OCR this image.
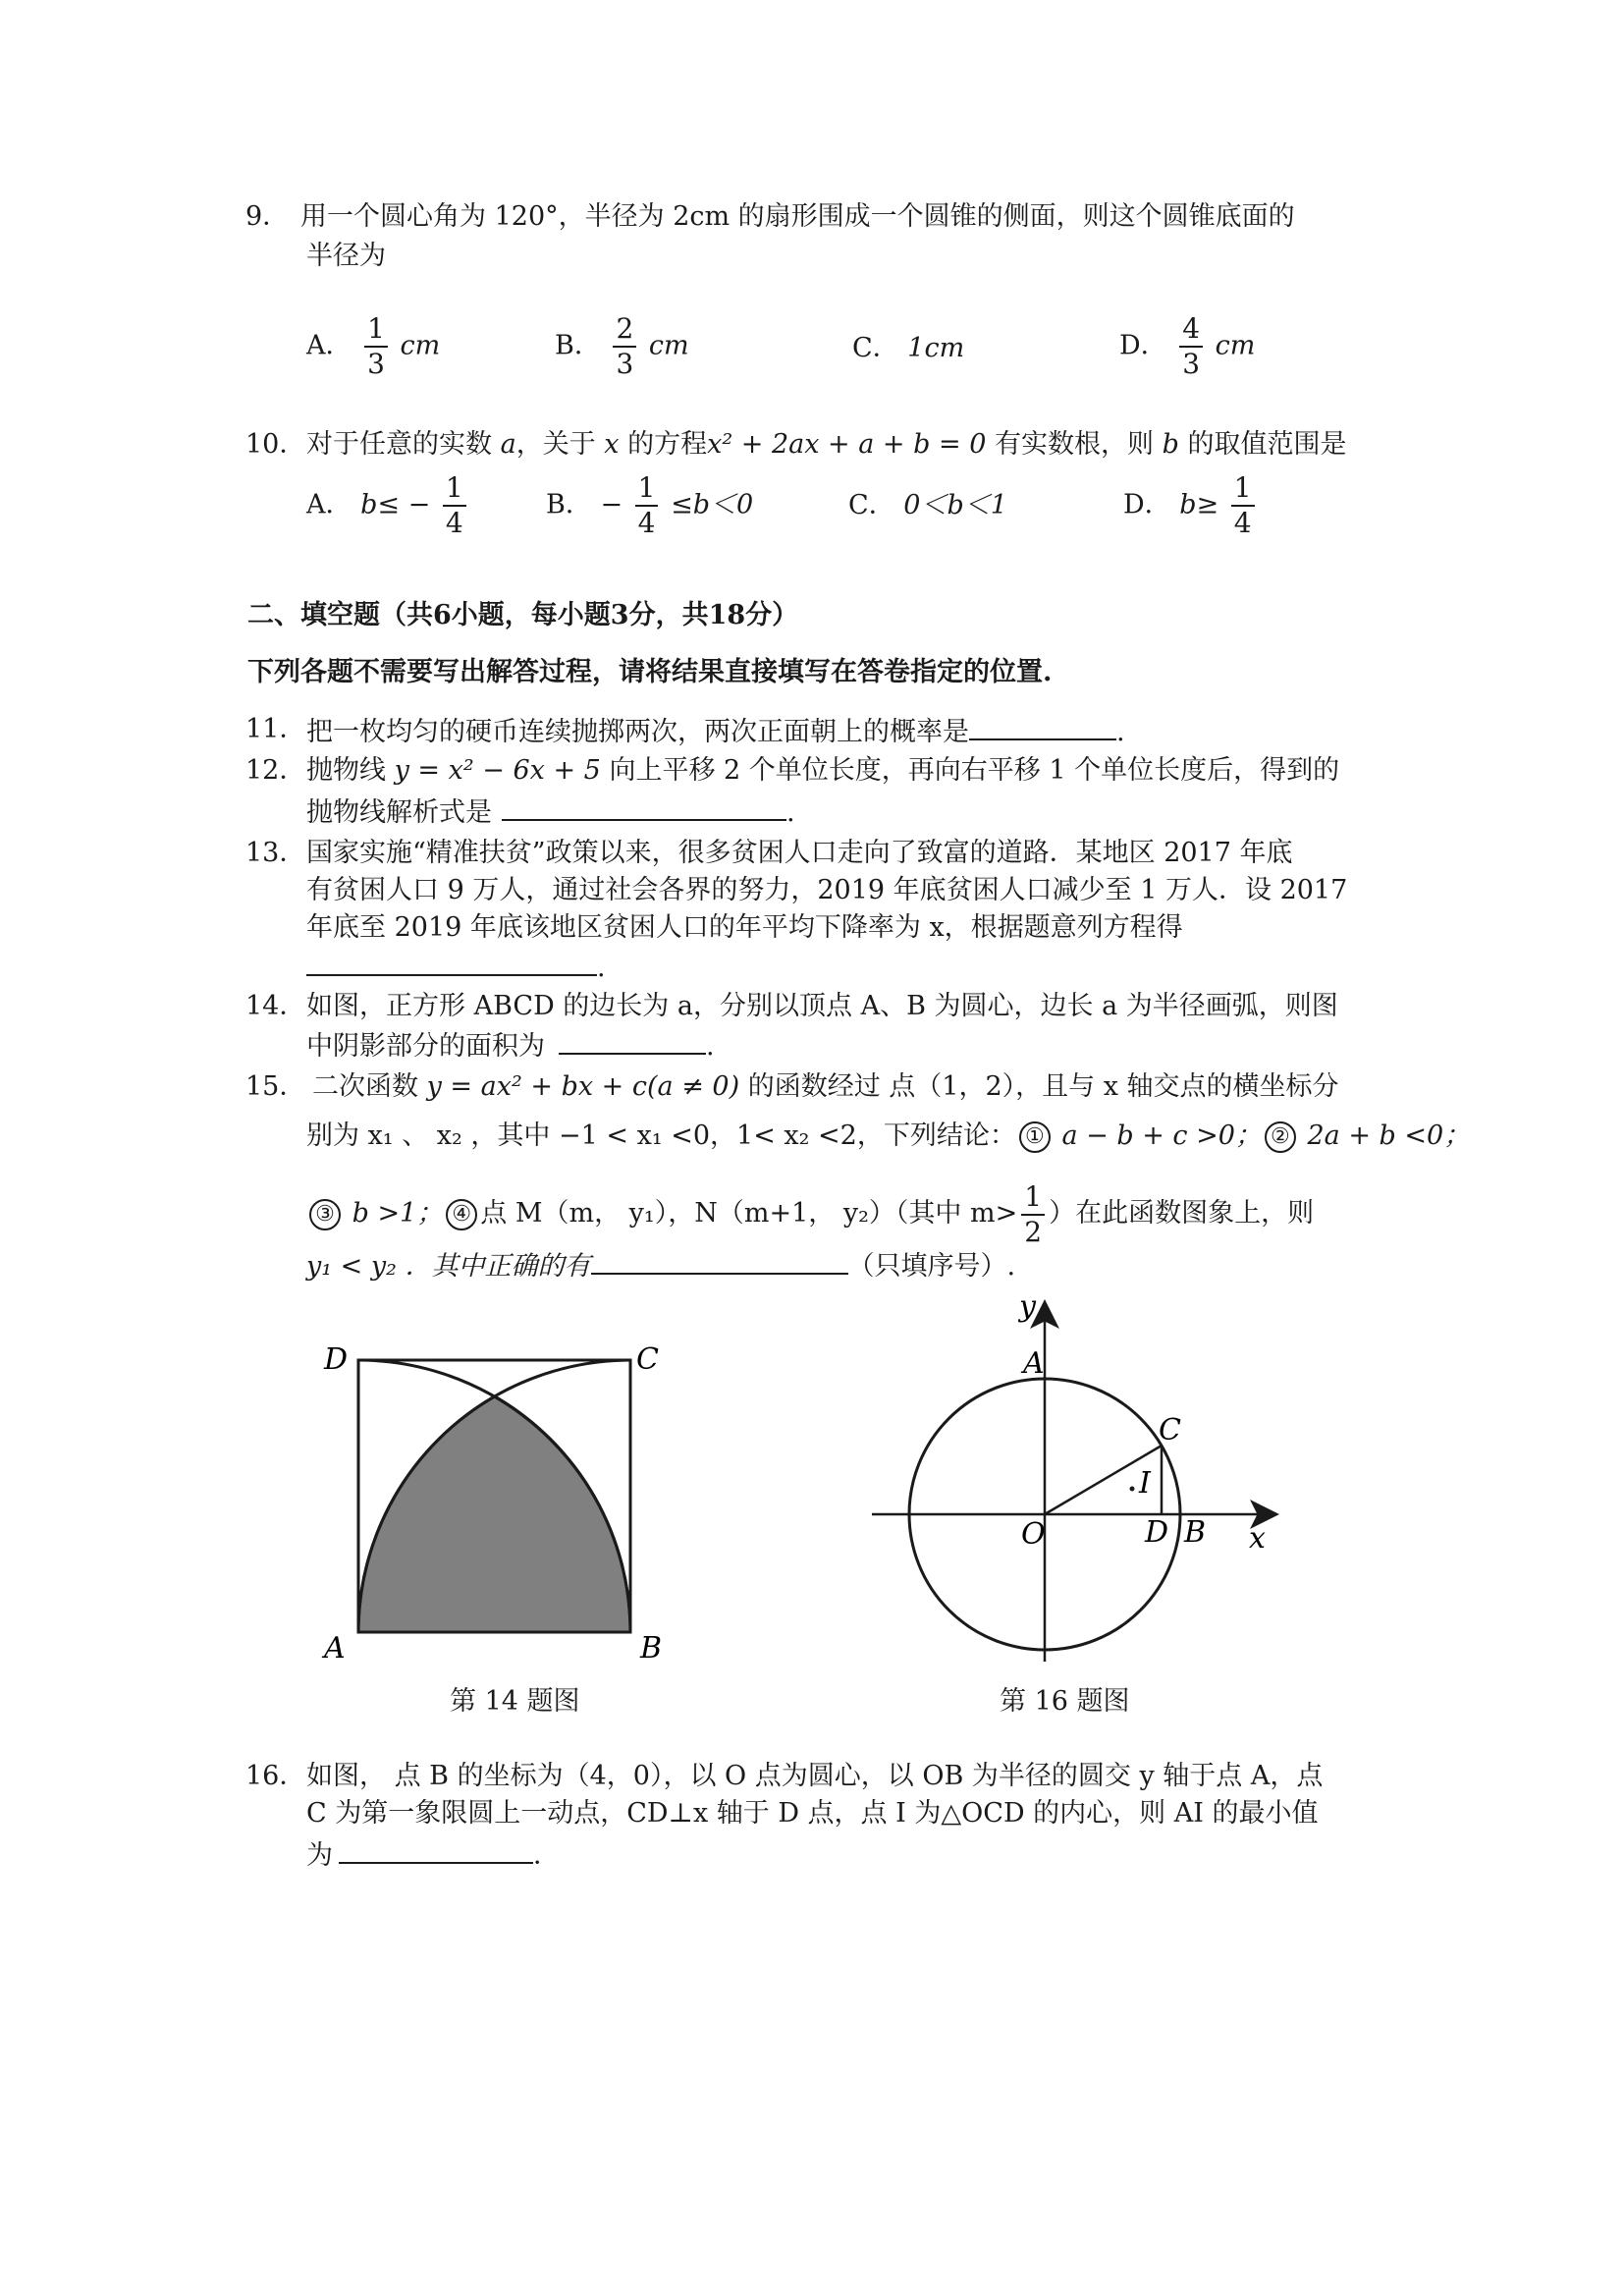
9． 用一个圆心角为 120°，半径为 2cm 的扇形围成一个圆锥的侧面，则这个圆锥底面的
半径为
A． $\frac{1}{3}$ cm	B． $\frac{2}{3}$ cm	C． 1cm	D． $\frac{4}{3}$ cm
10． 对于任意的实数 a，关于 x 的方程x² + 2ax + a + b = 0 有实数根，则 b 的取值范围是
A． $b\le - \frac{1}{4}$	B． − $\frac{1}{4} \le b<0$	C． 0＜b＜1	D． $b\ge \frac{1}{4}$
二、填空题（共6小题，每小题3分，共18分）
下列各题不需要写出解答过程，请将结果直接填写在答卷指定的位置.
11． 把一枚均匀的硬币连续抛掷两次，两次正面朝上的概率是	.
12． 抛物线 y = x² − 6x + 5 向上平移 2 个单位长度，再向右平移 1 个单位长度后，得到的
抛物线解析式是	.
13． 国家实施“精准扶贫”政策以来，很多贫困人口走向了致富的道路．某地区 2017 年底
有贫困人口 9 万人，通过社会各界的努力，2019 年底贫困人口减少至 1 万人．设 2017
年底至 2019 年底该地区贫困人口的年平均下降率为 x，根据题意列方程得
.
14． 如图，正方形 ABCD 的边长为 a，分别以顶点 A、B 为圆心，边长 a 为半径画弧，则图
中阴影部分的面积为	.
15． 二次函数 y = ax² + bx + c(a ≠ 0) 的函数经过 点（1，2），且与 x 轴交点的横坐标分
别为 x₁ 、 x₂ ，其中 −1 < x₁ <0，1< x₂ <2，下列结论： ① a − b + c >0； ② 2a + b <0；
③ b >1； ④ 点 M（m， y₁），N（m+1， y₂）（其中 $m> \frac{1}{2}$ ）在此函数图象上，则
y₁ < y₂ ．其中正确的有	（只填序号）.
D	C
A	B
第 14 题图
y
A
C
I
O	D B x
第 16 题图
16． 如图， 点 B 的坐标为（4，0），以 O 点为圆心，以 OB 为半径的圆交 y 轴于点 A，点
C 为第一象限圆上一动点，CD⊥x 轴于 D 点，点 I 为△OCD 的内心，则 AI 的最小值
为	．
